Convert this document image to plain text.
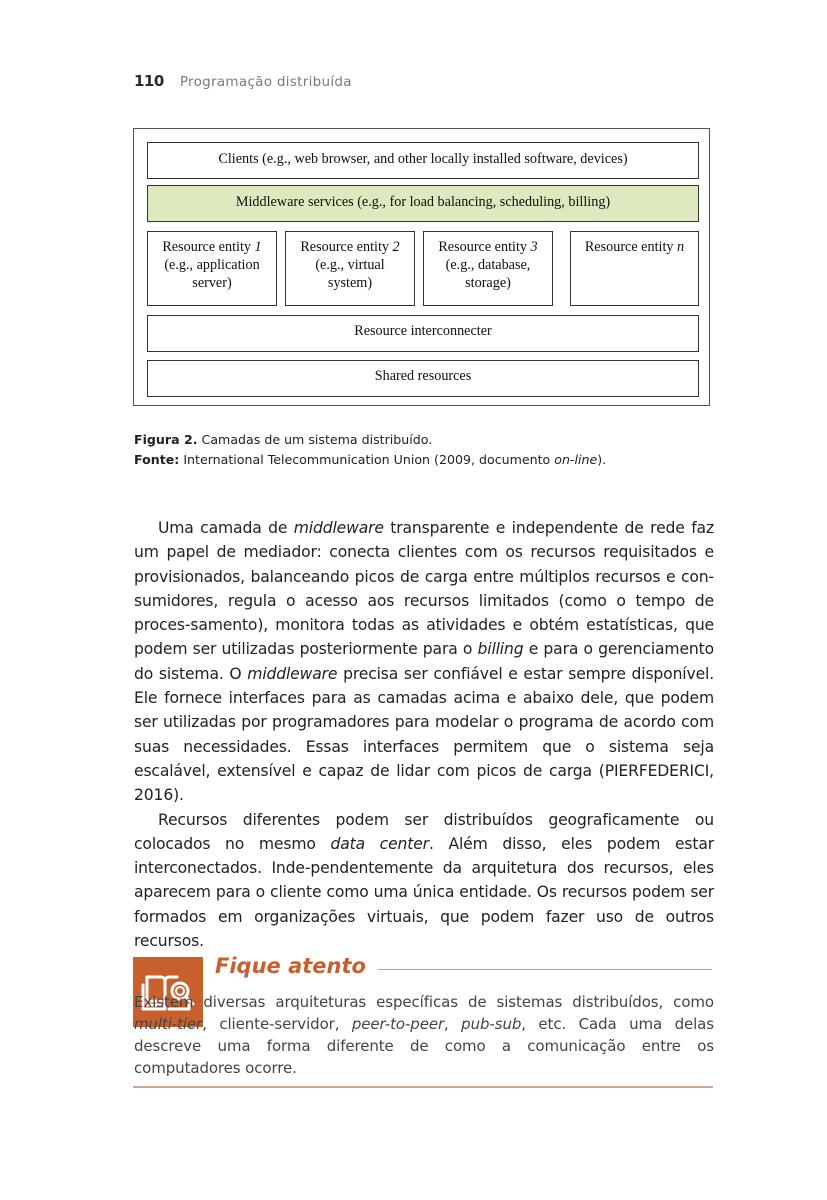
110 Programação distribuída
Clients (e.g., web browser, and other locally installed software, devices)
Middleware services (e.g., for load balancing, scheduling, billing)
Resource entity 1
(e.g., application
server)
Resource entity 2
(e.g., virtual
system)
Resource entity 3
(e.g., database,
storage)
Resource entity n
Resource interconnecter
Shared resources
Figura 2. Camadas de um sistema distribuído.
Fonte: International Telecommunication Union (2009, documento on-line).

Uma camada de middleware transparente e independente de rede faz um papel de mediador: conecta clientes com os recursos requisitados e provisionados, balanceando picos de carga entre múltiplos recursos e con-sumidores, regula o acesso aos recursos limitados (como o tempo de proces-samento), monitora todas as atividades e obtém estatísticas, que podem ser utilizadas posteriormente para o billing e para o gerenciamento do sistema. O middleware precisa ser confiável e estar sempre disponível. Ele fornece interfaces para as camadas acima e abaixo dele, que podem ser utilizadas por programadores para modelar o programa de acordo com suas necessidades. Essas interfaces permitem que o sistema seja escalável, extensível e capaz de lidar com picos de carga (PIERFEDERICI, 2016).

Recursos diferentes podem ser distribuídos geograficamente ou colocados no mesmo data center. Além disso, eles podem estar interconectados. Inde-pendentemente da arquitetura dos recursos, eles aparecem para o cliente como uma única entidade. Os recursos podem ser formados em organizações virtuais, que podem fazer uso de outros recursos.

Fique atento
Existem diversas arquiteturas específicas de sistemas distribuídos, como multi-tier, cliente-servidor, peer-to-peer, pub-sub, etc. Cada uma delas descreve uma forma diferente de como a comunicação entre os computadores ocorre.
